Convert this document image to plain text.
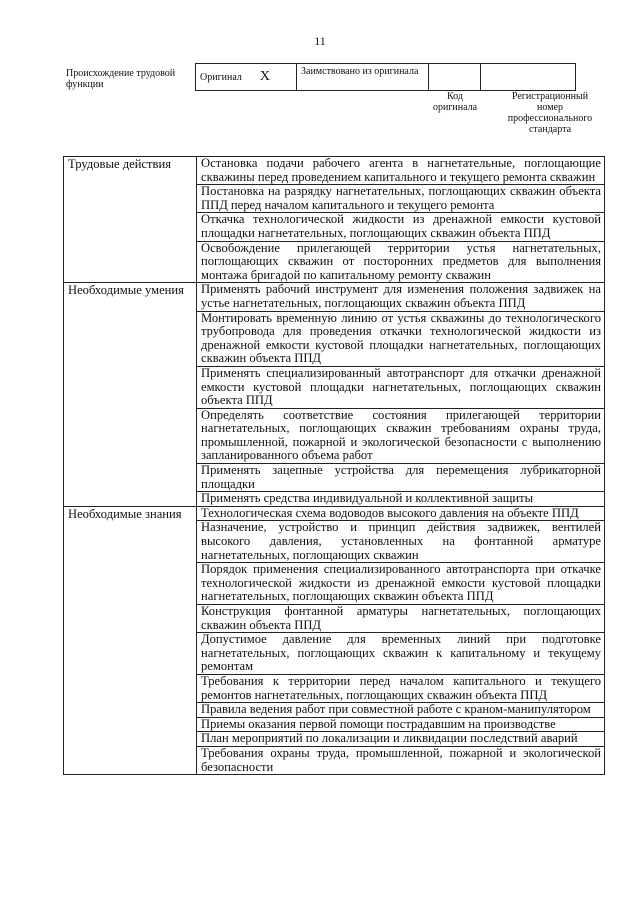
11
Происхождение трудовой функции
Оригинал X	Заимствовано из оригинала		
Код оригинала
Регистрационный номер профессионального стандарта
Трудовые действия	Остановка подачи рабочего агента в нагнетательные, поглощающие скважины перед проведением капитального и текущего ремонта скважин
	Постановка на разрядку нагнетательных, поглощающих скважин объекта ППД перед началом капитального и текущего ремонта
	Откачка технологической жидкости из дренажной емкости кустовой площадки нагнетательных, поглощающих скважин объекта ППД
	Освобождение прилегающей территории устья нагнетательных, поглощающих скважин от посторонних предметов для выполнения монтажа бригадой по капитальному ремонту скважин
Необходимые умения	Применять рабочий инструмент для изменения положения задвижек на устье нагнетательных, поглощающих скважин объекта ППД
	Монтировать временную линию от устья скважины до технологического трубопровода для проведения откачки технологической жидкости из дренажной емкости кустовой площадки нагнетательных, поглощающих скважин объекта ППД
	Применять специализированный автотранспорт для откачки дренажной емкости кустовой площадки нагнетательных, поглощающих скважин объекта ППД
	Определять соответствие состояния прилегающей территории нагнетательных, поглощающих скважин требованиям охраны труда, промышленной, пожарной и экологической безопасности с выполнению запланированного объема работ
	Применять зацепные устройства для перемещения лубрикаторной площадки
	Применять средства индивидуальной и коллективной защиты
Необходимые знания	Технологическая схема водоводов высокого давления на объекте ППД
	Назначение, устройство и принцип действия задвижек, вентилей высокого давления, установленных на фонтанной арматуре нагнетательных, поглощающих скважин
	Порядок применения специализированного автотранспорта при откачке технологической жидкости из дренажной емкости кустовой площадки нагнетательных, поглощающих скважин объекта ППД
	Конструкция фонтанной арматуры нагнетательных, поглощающих скважин объекта ППД
	Допустимое давление для временных линий при подготовке нагнетательных, поглощающих скважин к капитальному и текущему ремонтам
	Требования к территории перед началом капитального и текущего ремонтов нагнетательных, поглощающих скважин объекта ППД
	Правила ведения работ при совместной работе с краном-манипулятором
	Приемы оказания первой помощи пострадавшим на производстве
	План мероприятий по локализации и ликвидации последствий аварий
	Требования охраны труда, промышленной, пожарной и экологической безопасности
